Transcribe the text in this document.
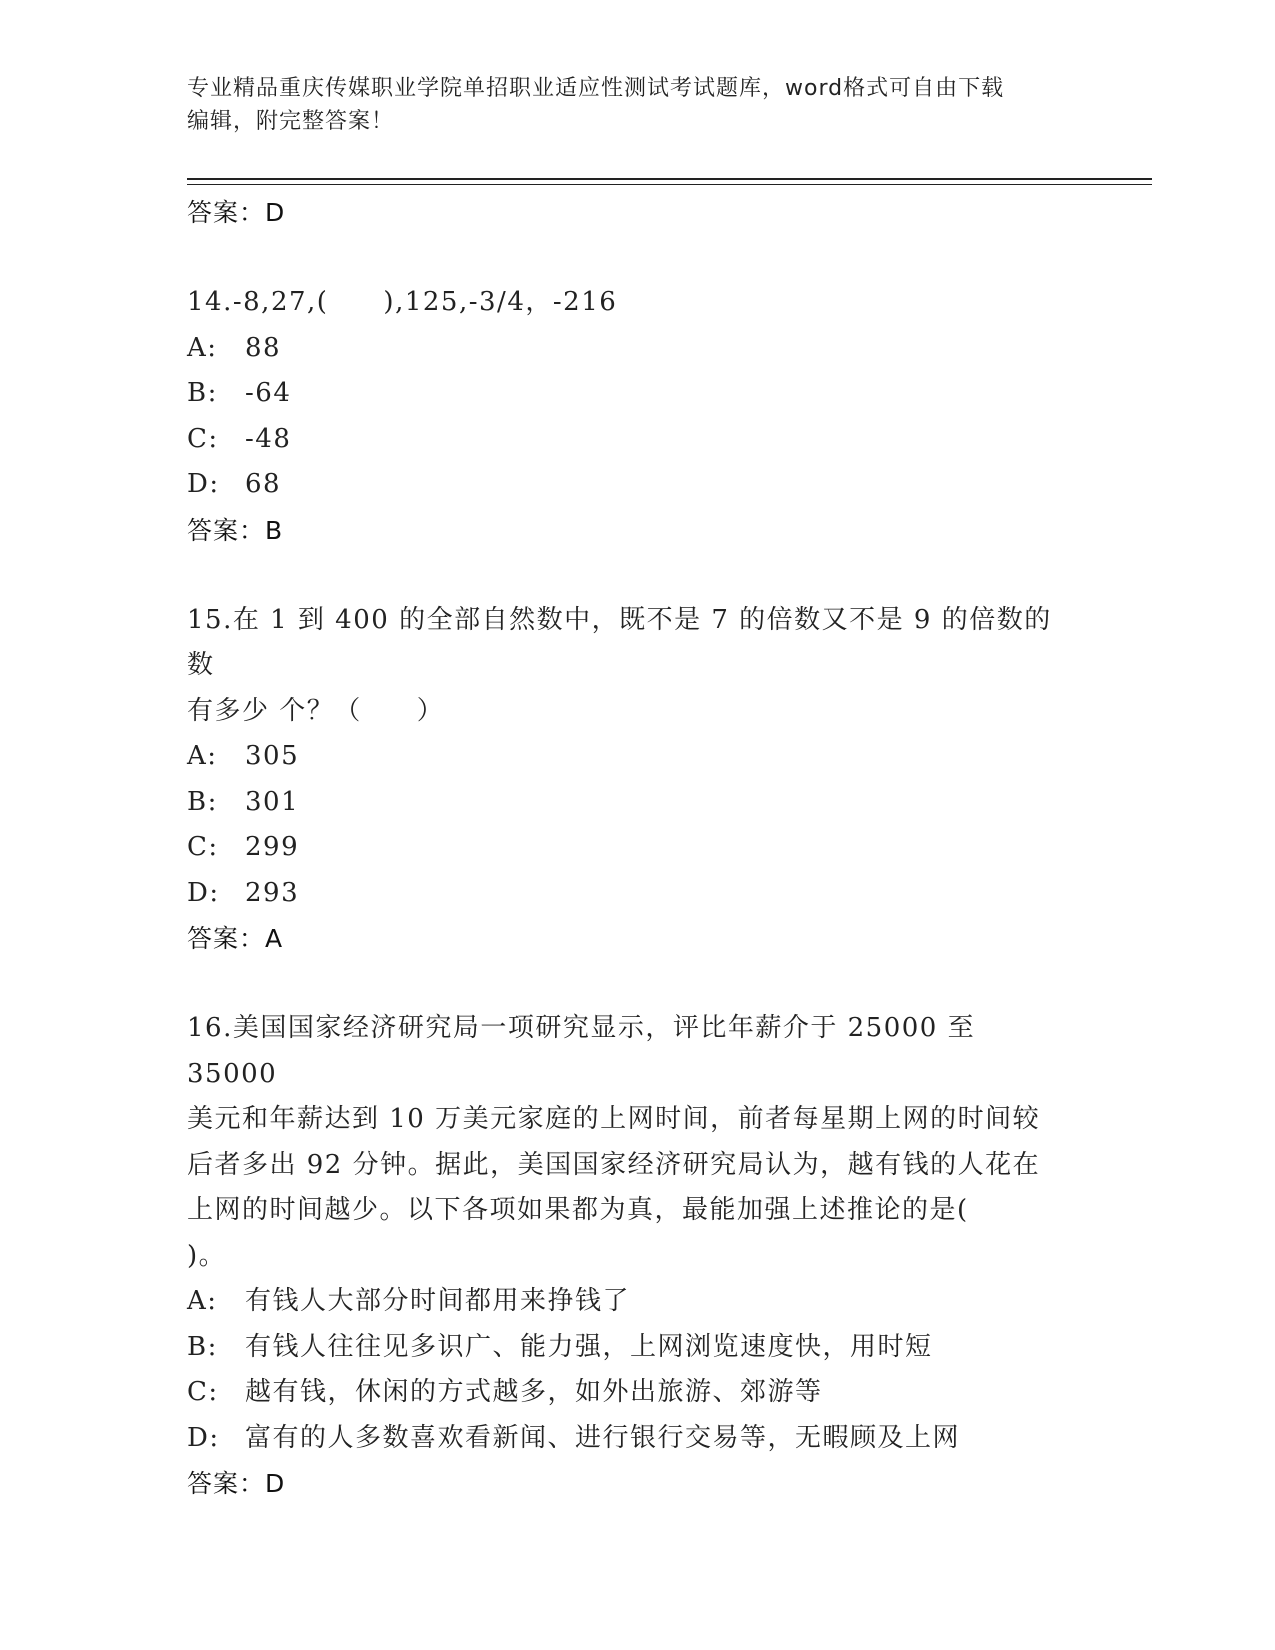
专业精品重庆传媒职业学院单招职业适应性测试考试题库，word格式可自由下载
编辑，附完整答案！
答案：D
14.-8,27,(　　),125,-3/4，-216
A: 88
B: -64
C: -48
D: 68
答案：B
15.在 1 到 400 的全部自然数中，既不是 7 的倍数又不是 9 的倍数的数
有多少 个？（　　）
A: 305
B: 301
C: 299
D: 293
答案：A
16.美国国家经济研究局一项研究显示，评比年薪介于 25000 至 35000
美元和年薪达到 10 万美元家庭的上网时间，前者每星期上网的时间较
后者多出 92 分钟。据此，美国国家经济研究局认为，越有钱的人花在
上网的时间越少。以下各项如果都为真，最能加强上述推论的是(
)。
A: 有钱人大部分时间都用来挣钱了
B: 有钱人往往见多识广、能力强，上网浏览速度快，用时短
C: 越有钱，休闲的方式越多，如外出旅游、郊游等
D: 富有的人多数喜欢看新闻、进行银行交易等，无暇顾及上网
答案：D
